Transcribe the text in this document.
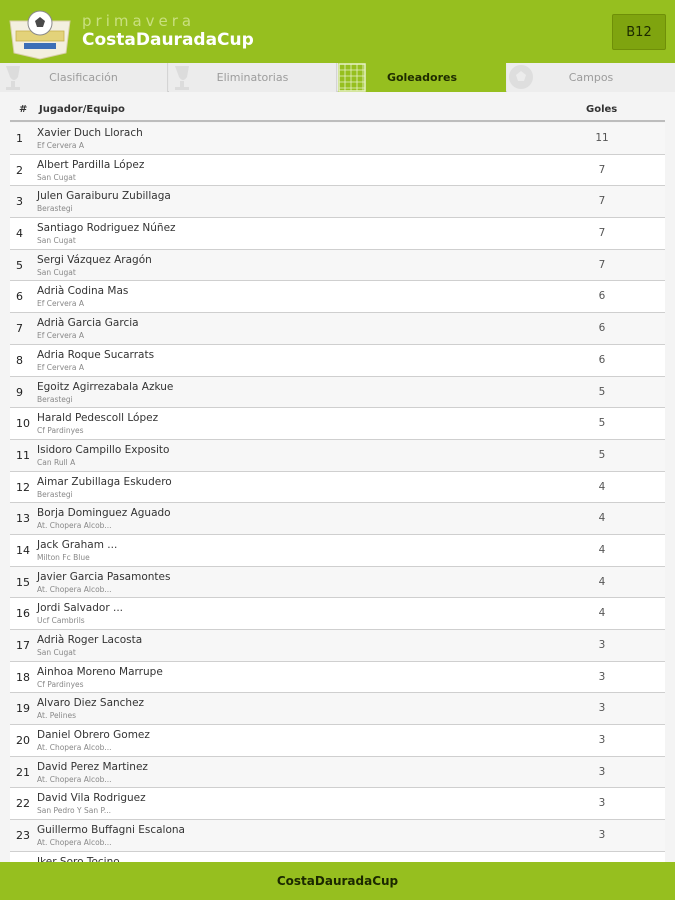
primavera
CostaDauradaCup	B12
Clasificación	Eliminatorias	Goleadores	Campos
# Jugador/Equipo	Goles
1	Xavier Duch Llorach
Ef Cervera A
11
2	Albert Pardilla López
San Cugat
7
3	Julen Garaiburu Zubillaga
Berastegi
7
4	Santiago Rodriguez Núñez
San Cugat
7
5	Sergi Vázquez Aragón
San Cugat
7
6	Adrià Codina Mas
Ef Cervera A
6
7	Adrià Garcia Garcia
Ef Cervera A
6
8	Adria Roque Sucarrats
Ef Cervera A
6
9	Egoitz Agirrezabala Azkue
Berastegi
5
10 Harald Pedescoll López
Cf Pardinyes
5
11 Isidoro Campillo Exposito
Can Rull A
5
12 Aimar Zubillaga Eskudero
Berastegi
4
13 Borja Dominguez Aguado
At. Chopera Alcob...
4
14 Jack Graham ...
Milton Fc Blue
4
15 Javier Garcia Pasamontes
At. Chopera Alcob...
4
16 Jordi Salvador ...
Ucf Cambrils
4
17 Adrià Roger Lacosta
San Cugat
3
18 Ainhoa Moreno Marrupe
Cf Pardinyes
3
19 Alvaro Diez Sanchez
At. Pelines
3
20 Daniel Obrero Gomez
At. Chopera Alcob...
3
21 David Perez Martinez
At. Chopera Alcob...
3
22 David Vila Rodriguez
San Pedro Y San P...
3
23 Guillermo Buffagni Escalona
At. Chopera Alcob...
3
CostaDauradaCup
